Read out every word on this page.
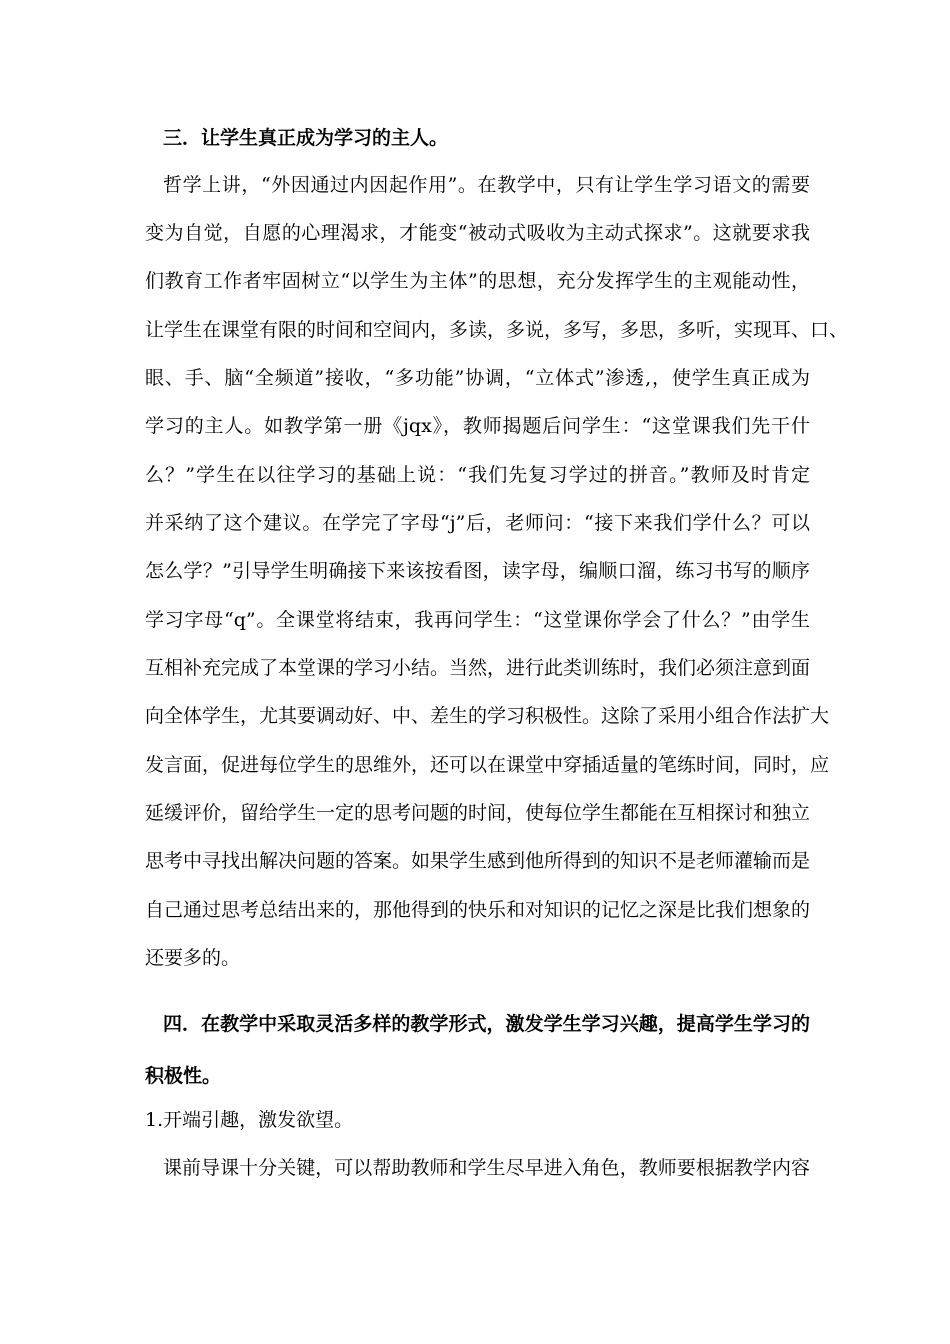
三．让学生真正成为学习的主人。
哲学上讲，“外因通过内因起作用”。在教学中，只有让学生学习语文的需要
变为自觉，自愿的心理渴求，才能变“被动式吸收为主动式探求”。这就要求我
们教育工作者牢固树立“以学生为主体”的思想，充分发挥学生的主观能动性，
让学生在课堂有限的时间和空间内，多读，多说，多写，多思，多听，实现耳、口、
眼、手、脑“全频道”接收，“多功能”协调，“立体式”渗透,，使学生真正成为
学习的主人。如教学第一册《jqx》，教师揭题后问学生：“这堂课我们先干什
么？”学生在以往学习的基础上说：“我们先复习学过的拼音。”教师及时肯定
并采纳了这个建议。在学完了字母“j”后，老师问：“接下来我们学什么？可以
怎么学？”引导学生明确接下来该按看图，读字母，编顺口溜，练习书写的顺序
学习字母“q”。全课堂将结束，我再问学生：“这堂课你学会了什么？”由学生
互相补充完成了本堂课的学习小结。当然，进行此类训练时，我们必须注意到面
向全体学生，尤其要调动好、中、差生的学习积极性。这除了采用小组合作法扩大
发言面，促进每位学生的思维外，还可以在课堂中穿插适量的笔练时间，同时，应
延缓评价，留给学生一定的思考问题的时间，使每位学生都能在互相探讨和独立
思考中寻找出解决问题的答案。如果学生感到他所得到的知识不是老师灌输而是
自己通过思考总结出来的，那他得到的快乐和对知识的记忆之深是比我们想象的
还要多的。
四．在教学中采取灵活多样的教学形式，激发学生学习兴趣，提高学生学习的
积极性。
1.开端引趣，激发欲望。
课前导课十分关键，可以帮助教师和学生尽早进入角色，教师要根据教学内容
